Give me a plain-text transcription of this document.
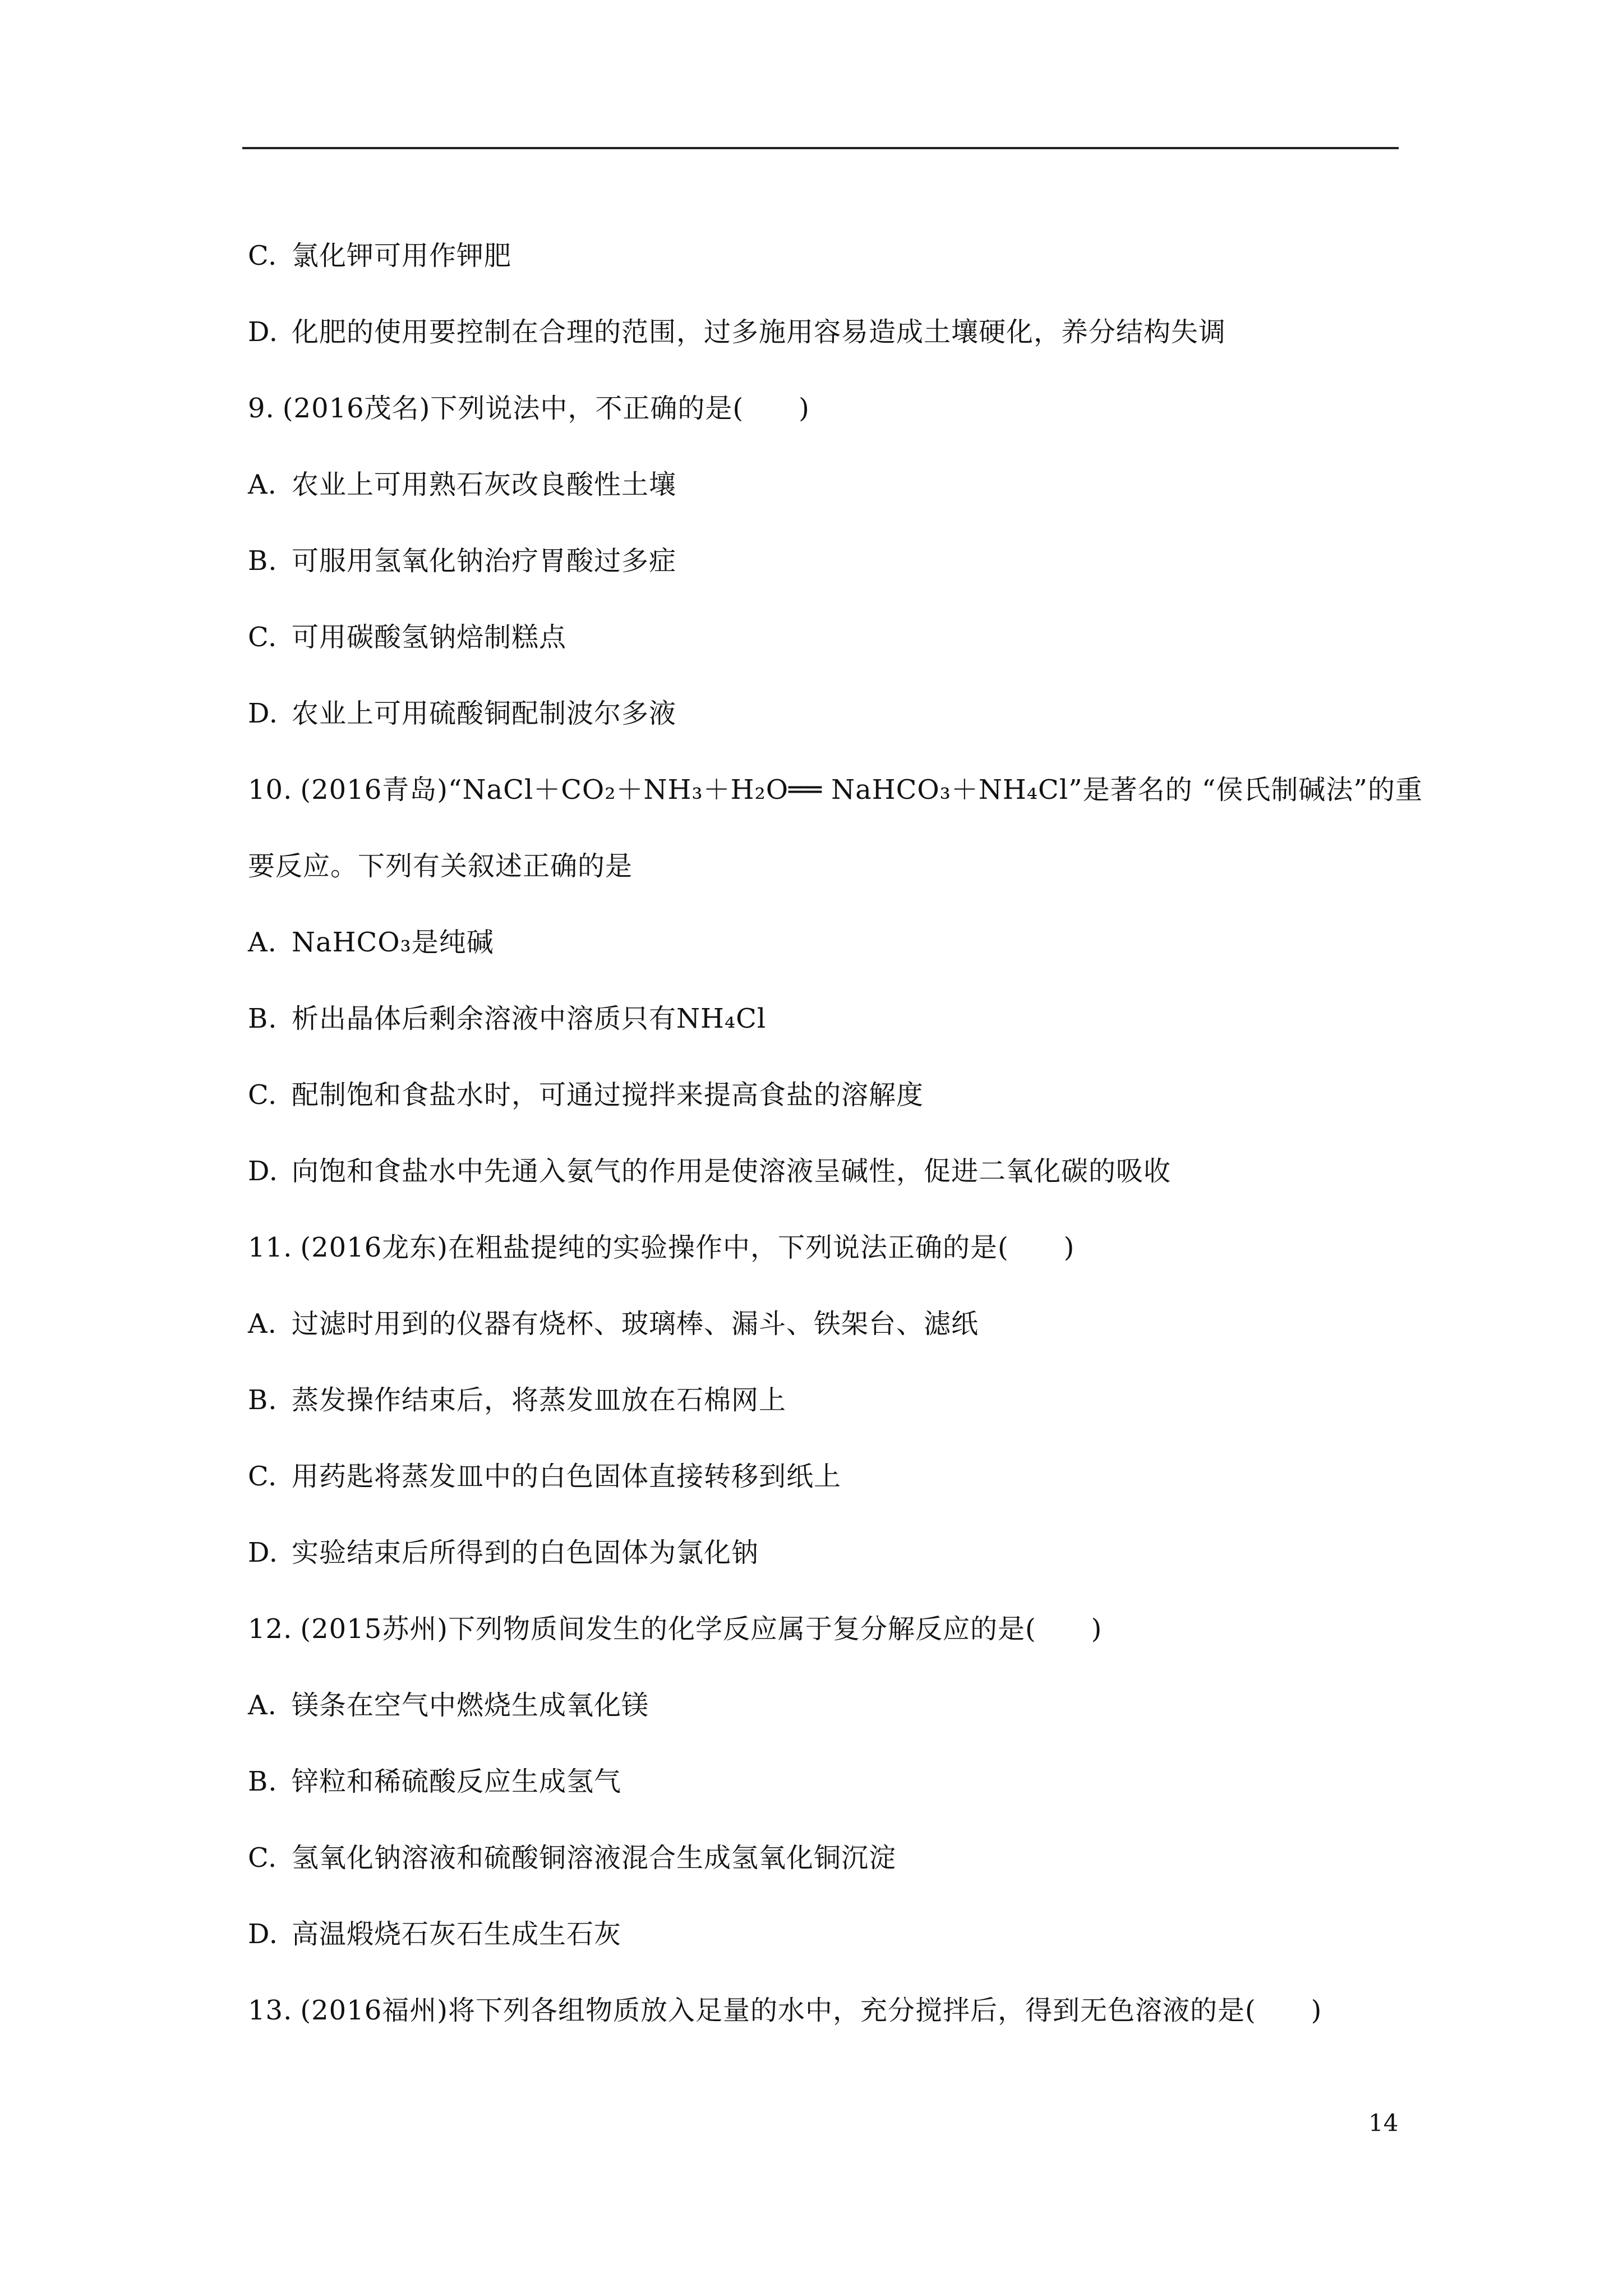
C. 氯化钾可用作钾肥
D. 化肥的使用要控制在合理的范围，过多施用容易造成土壤硬化，养分结构失调
9. (2016茂名)下列说法中，不正确的是(　　)
A. 农业上可用熟石灰改良酸性土壤
B. 可服用氢氧化钠治疗胃酸过多症
C. 可用碳酸氢钠焙制糕点
D. 农业上可用硫酸铜配制波尔多液
10. (2016青岛)“NaCl＋CO₂＋NH₃＋H₂O══ NaHCO₃＋NH₄Cl”是著名的 “侯氏制碱法”的重
要反应。下列有关叙述正确的是
A. NaHCO₃是纯碱
B. 析出晶体后剩余溶液中溶质只有NH₄Cl
C. 配制饱和食盐水时，可通过搅拌来提高食盐的溶解度
D. 向饱和食盐水中先通入氨气的作用是使溶液呈碱性，促进二氧化碳的吸收
11. (2016龙东)在粗盐提纯的实验操作中，下列说法正确的是(　　)
A. 过滤时用到的仪器有烧杯、玻璃棒、漏斗、铁架台、滤纸
B. 蒸发操作结束后，将蒸发皿放在石棉网上
C. 用药匙将蒸发皿中的白色固体直接转移到纸上
D. 实验结束后所得到的白色固体为氯化钠
12. (2015苏州)下列物质间发生的化学反应属于复分解反应的是(　　)
A. 镁条在空气中燃烧生成氧化镁
B. 锌粒和稀硫酸反应生成氢气
C. 氢氧化钠溶液和硫酸铜溶液混合生成氢氧化铜沉淀
D. 高温煅烧石灰石生成生石灰
13. (2016福州)将下列各组物质放入足量的水中，充分搅拌后，得到无色溶液的是(　　)
14
